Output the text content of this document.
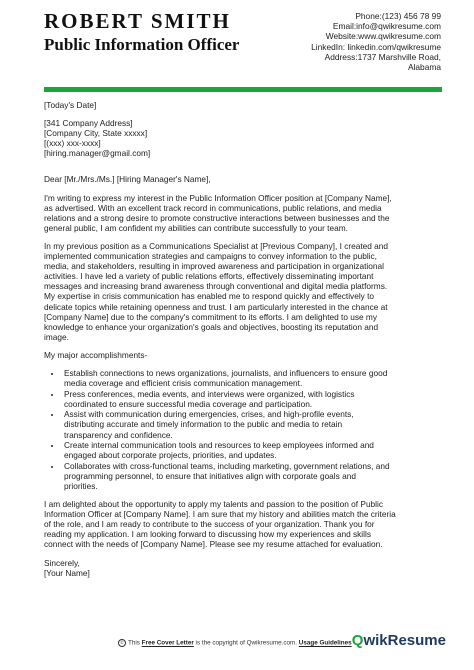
ROBERT SMITH
Public Information Officer
Phone:(123) 456 78 99
Email:info@qwikresume.com
Website:www.qwikresume.com
LinkedIn: linkedin.com/qwikresume
Address:1737 Marshville Road,
Alabama

[Today's Date]

[341 Company Address]
[Company City, State xxxxx]
[(xxx) xxx-xxxx]
[hiring.manager@gmail.com]

Dear [Mr./Mrs./Ms.] [Hiring Manager's Name],

I'm writing to express my interest in the Public Information Officer position at [Company Name],
as advertised. With an excellent track record in communications, public relations, and media
relations and a strong desire to promote constructive interactions between businesses and the
general public, I am confident my abilities can contribute successfully to your team.

In my previous position as a Communications Specialist at [Previous Company], I created and
implemented communication strategies and campaigns to convey information to the public,
media, and stakeholders, resulting in improved awareness and participation in organizational
activities. I have led a variety of public relations efforts, effectively disseminating important
messages and increasing brand awareness through conventional and digital media platforms.
My expertise in crisis communication has enabled me to respond quickly and effectively to
delicate topics while retaining openness and trust. I am particularly interested in the chance at
[Company Name] due to the company's commitment to its efforts. I am delighted to use my
knowledge to enhance your organization's goals and objectives, boosting its reputation and
image.

My major accomplishments-

• Establish connections to news organizations, journalists, and influencers to ensure good
media coverage and efficient crisis communication management.
• Press conferences, media events, and interviews were organized, with logistics
coordinated to ensure successful media coverage and participation.
• Assist with communication during emergencies, crises, and high-profile events,
distributing accurate and timely information to the public and media to retain
transparency and confidence.
• Create internal communication tools and resources to keep employees informed and
engaged about corporate projects, priorities, and updates.
• Collaborates with cross-functional teams, including marketing, government relations, and
programming personnel, to ensure that initiatives align with corporate goals and
priorities.

I am delighted about the opportunity to apply my talents and passion to the position of Public
Information Officer at [Company Name]. I am sure that my history and abilities match the criteria
of the role, and I am ready to contribute to the success of your organization. Thank you for
reading my application. I am looking forward to discussing how my experiences and skills
connect with the needs of [Company Name]. Please see my resume attached for evaluation.

Sincerely,
[Your Name]

© This Free Cover Letter is the copyright of Qwikresume.com. Usage Guidelines Q wikResume
